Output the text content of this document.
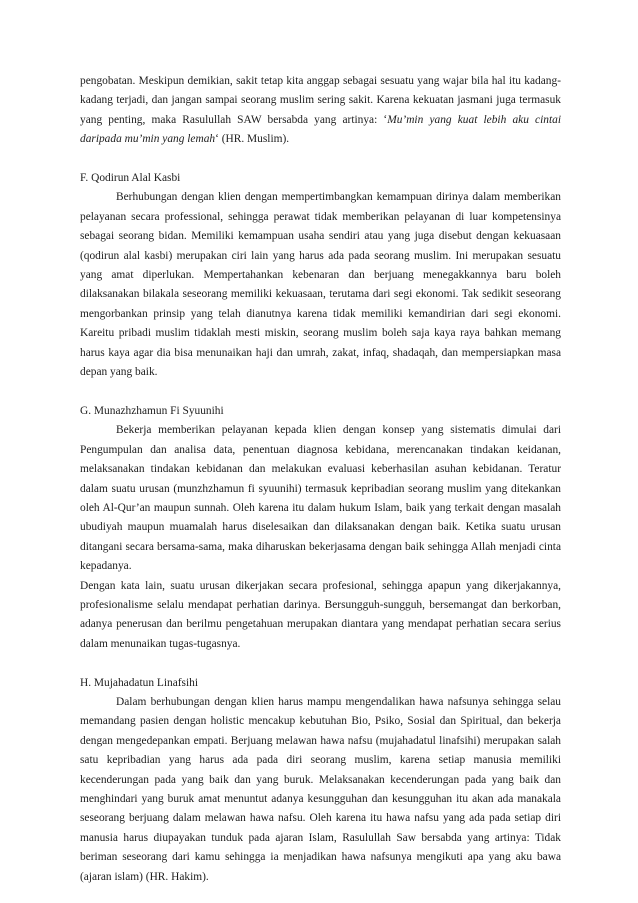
pengobatan. Meskipun demikian, sakit tetap kita anggap sebagai sesuatu yang wajar bila hal itu kadang-kadang terjadi, dan jangan sampai seorang muslim sering sakit. Karena kekuatan jasmani juga termasuk yang penting, maka Rasulullah SAW bersabda yang artinya: ‘Mu’min yang kuat lebih aku cintai daripada mu’min yang lemah‘ (HR. Muslim).

F. Qodirun Alal Kasbi

Berhubungan dengan klien dengan mempertimbangkan kemampuan dirinya dalam memberikan pelayanan secara professional, sehingga perawat tidak memberikan pelayanan di luar kompetensinya sebagai seorang bidan. Memiliki kemampuan usaha sendiri atau yang juga disebut dengan kekuasaan (qodirun alal kasbi) merupakan ciri lain yang harus ada pada seorang muslim. Ini merupakan sesuatu yang amat diperlukan. Mempertahankan kebenaran dan berjuang menegakkannya baru boleh dilaksanakan bilakala seseorang memiliki kekuasaan, terutama dari segi ekonomi. Tak sedikit seseorang mengorbankan prinsip yang telah dianutnya karena tidak memiliki kemandirian dari segi ekonomi. Kareitu pribadi muslim tidaklah mesti miskin, seorang muslim boleh saja kaya raya bahkan memang harus kaya agar dia bisa menunaikan haji dan umrah, zakat, infaq, shadaqah, dan mempersiapkan masa depan yang baik.

G. Munazhzhamun Fi Syuunihi

Bekerja memberikan pelayanan kepada klien dengan konsep yang sistematis dimulai dari Pengumpulan dan analisa data, penentuan diagnosa kebidana, merencanakan tindakan keidanan, melaksanakan tindakan kebidanan dan melakukan evaluasi keberhasilan asuhan kebidanan. Teratur dalam suatu urusan (munzhzhamun fi syuunihi) termasuk kepribadian seorang muslim yang ditekankan oleh Al-Qur’an maupun sunnah. Oleh karena itu dalam hukum Islam, baik yang terkait dengan masalah ubudiyah maupun muamalah harus diselesaikan dan dilaksanakan dengan baik. Ketika suatu urusan ditangani secara bersama-sama, maka diharuskan bekerjasama dengan baik sehingga Allah menjadi cinta kepadanya.

Dengan kata lain, suatu urusan dikerjakan secara profesional, sehingga apapun yang dikerjakannya, profesionalisme selalu mendapat perhatian darinya. Bersungguh-sungguh, bersemangat dan berkorban, adanya penerusan dan berilmu pengetahuan merupakan diantara yang mendapat perhatian secara serius dalam menunaikan tugas-tugasnya.

H. Mujahadatun Linafsihi

Dalam berhubungan dengan klien harus mampu mengendalikan hawa nafsunya sehingga selau memandang pasien dengan holistic mencakup kebutuhan Bio, Psiko, Sosial dan Spiritual, dan bekerja dengan mengedepankan empati. Berjuang melawan hawa nafsu (mujahadatul linafsihi) merupakan salah satu kepribadian yang harus ada pada diri seorang muslim, karena setiap manusia memiliki kecenderungan pada yang baik dan yang buruk. Melaksanakan kecenderungan pada yang baik dan menghindari yang buruk amat menuntut adanya kesungguhan dan kesungguhan itu akan ada manakala seseorang berjuang dalam melawan hawa nafsu. Oleh karena itu hawa nafsu yang ada pada setiap diri manusia harus diupayakan tunduk pada ajaran Islam, Rasulullah Saw bersabda yang artinya: Tidak beriman seseorang dari kamu sehingga ia menjadikan hawa nafsunya mengikuti apa yang aku bawa (ajaran islam) (HR. Hakim).
